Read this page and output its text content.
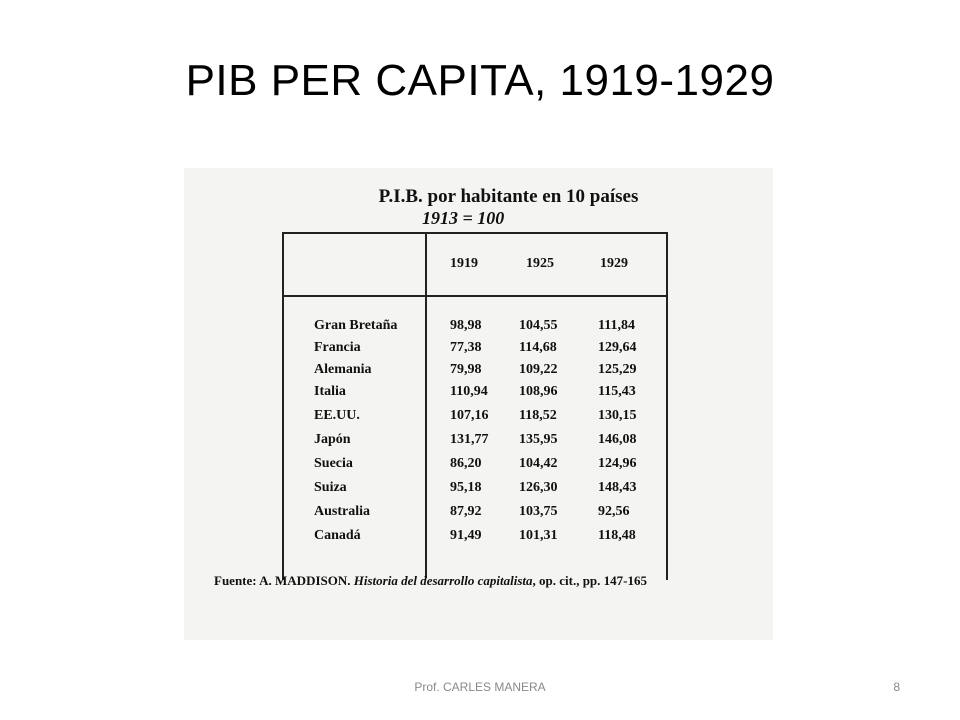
PIB PER CAPITA, 1919-1929
P.I.B. por habitante en 10 países
1913 = 100
1919	1925	1929
Gran Bretaña	98,98	104,55	111,84
Francia	77,38	114,68	129,64
Alemania	79,98	109,22	125,29
Italia	110,94 108,96	115,43
EE.UU.	107,16 118,52	130,15
Japón	131,77 135,95	146,08
Suecia	86,20	104,42	124,96
Suiza	95,18	126,30	148,43
Australia	87,92	103,75	92,56
Canadá	91,49	101,31	118,48
Fuente: A. MADDISON. Historia del desarrollo capitalista, op. cit., pp. 147-165
Prof. CARLES MANERA	8
